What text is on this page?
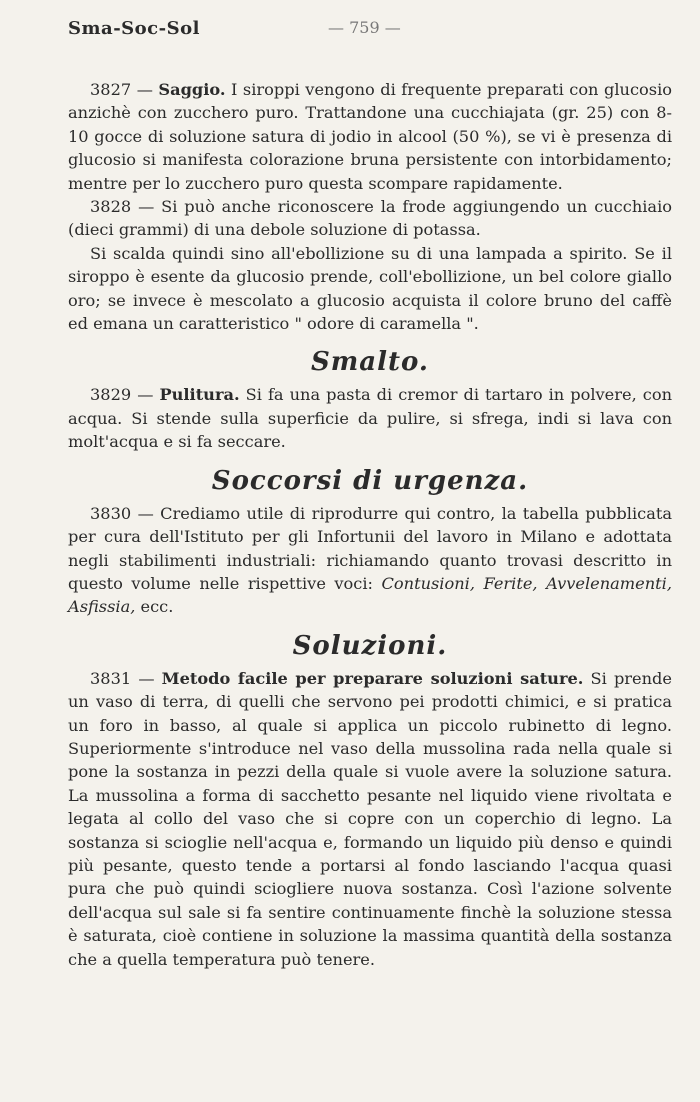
Sma-Soc-Sol	— 759 —

3827 — Saggio. I siroppi vengono di frequente preparati con glucosio anzichè con zucchero puro. Trattandone una cucchiajata (gr. 25) con 8-10 gocce di soluzione satura di jodio in alcool (50 %), se vi è presenza di glucosio si manifesta colorazione bruna persistente con intorbidamento; mentre per lo zucchero puro questa scompare rapidamente.

3828 — Si può anche riconoscere la frode aggiungendo un cucchiaio (dieci grammi) di una debole soluzione di potassa.

Si scalda quindi sino all'ebollizione su di una lampada a spirito. Se il siroppo è esente da glucosio prende, coll'ebollizione, un bel colore giallo oro; se invece è mescolato a glucosio acquista il colore bruno del caffè ed emana un caratteristico " odore di caramella ".

Smalto.

3829 — Pulitura. Si fa una pasta di cremor di tartaro in polvere, con acqua. Si stende sulla superficie da pulire, si sfrega, indi si lava con molt'acqua e si fa seccare.

Soccorsi di urgenza.

3830 — Crediamo utile di riprodurre qui contro, la tabella pubblicata per cura dell'Istituto per gli Infortunii del lavoro in Milano e adottata negli stabilimenti industriali: richiamando quanto trovasi descritto in questo volume nelle rispettive voci: Contusioni, Ferite, Avvelenamenti, Asfissia, ecc.

Soluzioni.

3831 — Metodo facile per preparare soluzioni sature. Si prende un vaso di terra, di quelli che servono pei prodotti chimici, e si pratica un foro in basso, al quale si applica un piccolo rubinetto di legno. Superiormente s'introduce nel vaso della mussolina rada nella quale si pone la sostanza in pezzi della quale si vuole avere la soluzione satura. La mussolina a forma di sacchetto pesante nel liquido viene rivoltata e legata al collo del vaso che si copre con un coperchio di legno. La sostanza si scioglie nell'acqua e, formando un liquido più denso e quindi più pesante, questo tende a portarsi al fondo lasciando l'acqua quasi pura che può quindi sciogliere nuova sostanza. Così l'azione solvente dell'acqua sul sale si fa sentire continuamente finchè la soluzione stessa è saturata, cioè contiene in soluzione la massima quantità della sostanza che a quella temperatura può tenere.
